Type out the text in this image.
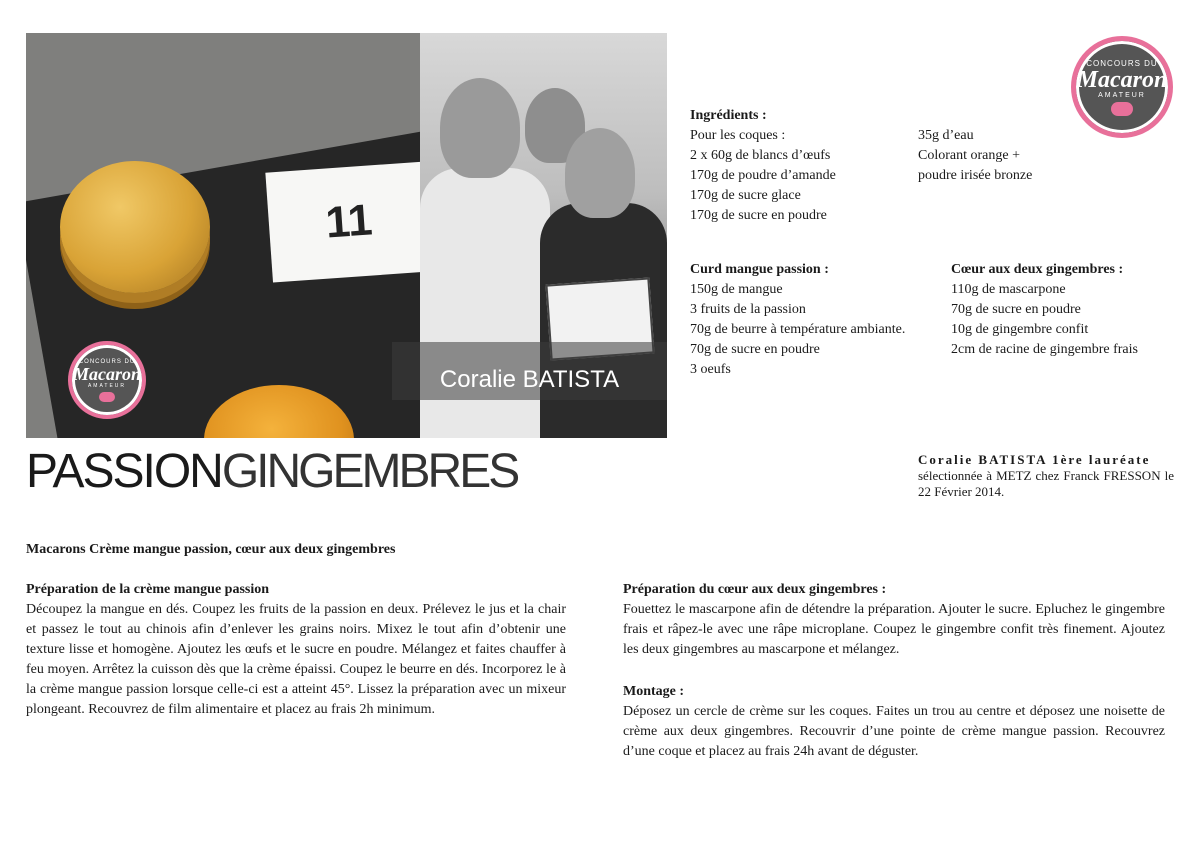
11
Coralie BATISTA
CONCOURS DU
Macaron
AMATEUR
CONCOURS DU
Macaron
AMATEUR
Ingrédients :
Pour les coques :
2 x 60g de blancs d’œufs
170g de poudre d’amande
170g de sucre glace
170g de sucre en poudre
35g d’eau
Colorant orange +
poudre irisée bronze
Curd mangue passion :
150g de mangue
3 fruits de la passion
70g de beurre à température ambiante.
70g de sucre en poudre
3 oeufs
Cœur aux deux gingembres :
110g de mascarpone
70g de sucre en poudre
10g de gingembre confit
2cm de racine de gingembre frais
PASSIONGINGEMBRES	Coralie BATISTA 1ère lauréate
sélectionnée à METZ chez Franck FRESSON le 22 Février 2014.
Macarons Crème mangue passion, cœur aux deux gingembres
Préparation de la crème mangue passion
Découpez la mangue en dés. Coupez les fruits de la passion en deux. Prélevez le jus et la chair et passez le tout au chinois afin d’enlever les grains noirs. Mixez le tout afin d’obtenir une texture lisse et homogène. Ajoutez les œufs et le sucre en poudre. Mélangez et faites chauffer à feu moyen. Arrêtez la cuisson dès que la crème épaissi. Coupez le beurre en dés. Incorporez le à la crème mangue passion lorsque celle-ci est a atteint 45°. Lissez la préparation avec un mixeur plongeant. Recouvrez de film alimentaire et placez au frais 2h minimum.
Préparation du cœur aux deux gingembres :
Fouettez le mascarpone afin de détendre la préparation. Ajouter le sucre. Epluchez le gingembre frais et râpez-le avec une râpe microplane. Coupez le gingembre confit très finement. Ajoutez les deux gingembres au mascarpone et mélangez.
Montage :
Déposez un cercle de crème sur les coques. Faites un trou au centre et déposez une noisette de crème aux deux gingembres. Recouvrir d’une pointe de crème mangue passion. Recouvrez d’une coque et placez au frais 24h avant de déguster.
